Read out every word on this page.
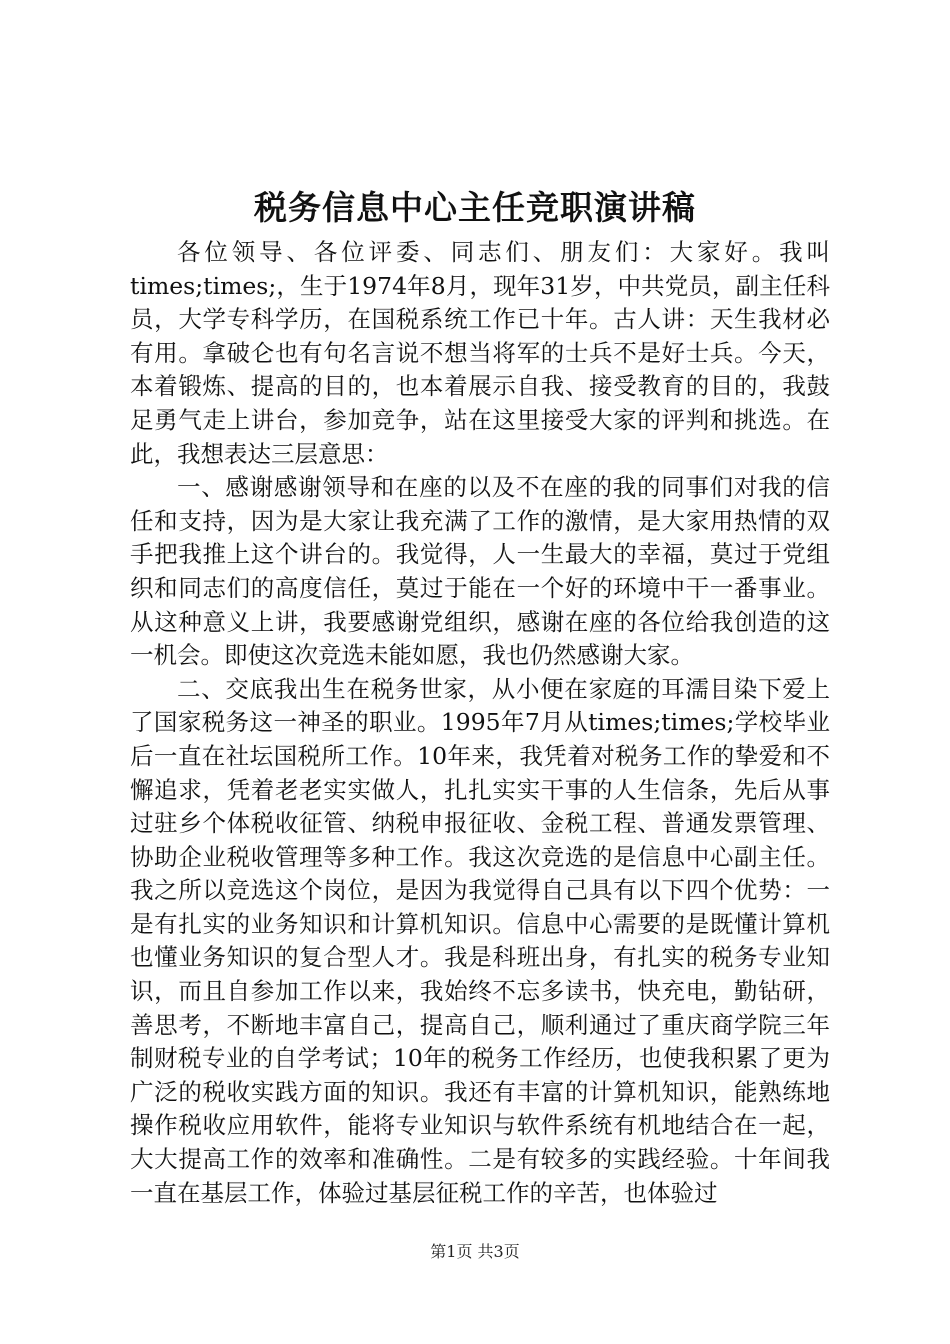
税务信息中心主任竞职演讲稿

各位领导、各位评委、同志们、朋友们：大家好。我叫times;times;，生于1974年8月，现年31岁，中共党员，副主任科员，大学专科学历，在国税系统工作已十年。古人讲：天生我材必有用。拿破仑也有句名言说不想当将军的士兵不是好士兵。今天，本着锻炼、提高的目的，也本着展示自我、接受教育的目的，我鼓足勇气走上讲台，参加竞争，站在这里接受大家的评判和挑选。在此，我想表达三层意思：

一、感谢感谢领导和在座的以及不在座的我的同事们对我的信任和支持，因为是大家让我充满了工作的激情，是大家用热情的双手把我推上这个讲台的。我觉得，人一生最大的幸福，莫过于党组织和同志们的高度信任，莫过于能在一个好的环境中干一番事业。从这种意义上讲，我要感谢党组织，感谢在座的各位给我创造的这一机会。即使这次竞选未能如愿，我也仍然感谢大家。

二、交底我出生在税务世家，从小便在家庭的耳濡目染下爱上了国家税务这一神圣的职业。1995年7月从times;times;学校毕业后一直在社坛国税所工作。10年来，我凭着对税务工作的挚爱和不懈追求，凭着老老实实做人，扎扎实实干事的人生信条，先后从事过驻乡个体税收征管、纳税申报征收、金税工程、普通发票管理、协助企业税收管理等多种工作。我这次竞选的是信息中心副主任。我之所以竞选这个岗位，是因为我觉得自己具有以下四个优势：一是有扎实的业务知识和计算机知识。信息中心需要的是既懂计算机也懂业务知识的复合型人才。我是科班出身，有扎实的税务专业知识，而且自参加工作以来，我始终不忘多读书，快充电，勤钻研，善思考，不断地丰富自己，提高自己，顺利通过了重庆商学院三年制财税专业的自学考试；10年的税务工作经历，也使我积累了更为广泛的税收实践方面的知识。我还有丰富的计算机知识，能熟练地操作税收应用软件，能将专业知识与软件系统有机地结合在一起，大大提高工作的效率和准确性。二是有较多的实践经验。十年间我一直在基层工作，体验过基层征税工作的辛苦，也体验过

第1页 共3页
